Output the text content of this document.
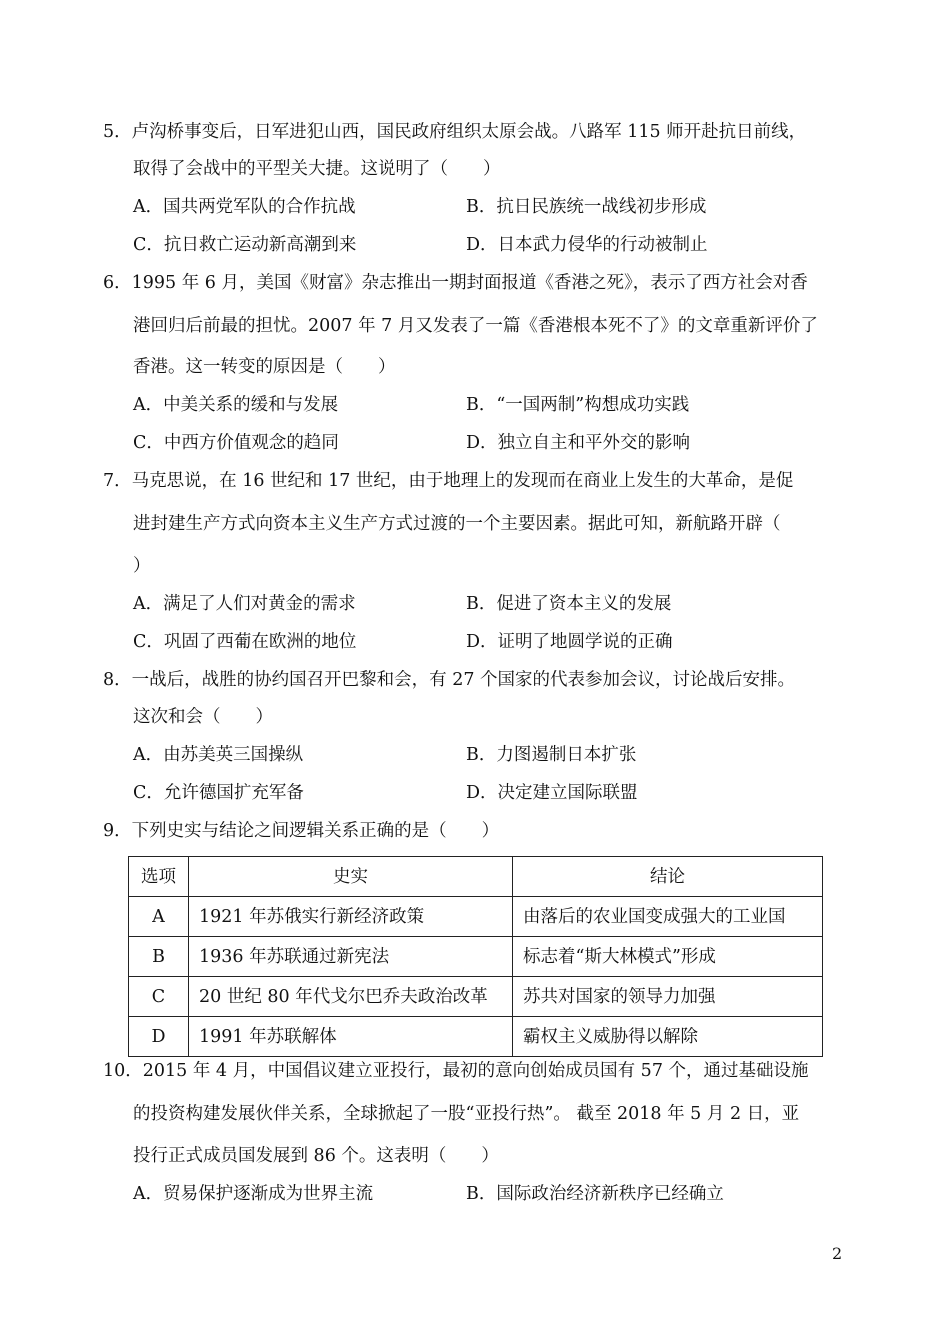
5．卢沟桥事变后，日军进犯山西，国民政府组织太原会战。八路军 115 师开赴抗日前线，
取得了会战中的平型关大捷。这说明了（　　）
A．国共两党军队的合作抗战	B．抗日民族统一战线初步形成
C．抗日救亡运动新高潮到来	D．日本武力侵华的行动被制止
6．1995 年 6 月，美国《财富》杂志推出一期封面报道《香港之死》，表示了西方社会对香
港回归后前最的担忧。2007 年 7 月又发表了一篇《香港根本死不了》的文章重新评价了
香港。这一转变的原因是（　　）
A．中美关系的缓和与发展	B．“一国两制”构想成功实践
C．中西方价值观念的趋同	D．独立自主和平外交的影响
7．马克思说，在 16 世纪和 17 世纪，由于地理上的发现而在商业上发生的大革命，是促
进封建生产方式向资本主义生产方式过渡的一个主要因素。据此可知，新航路开辟（
）
A．满足了人们对黄金的需求	B．促进了资本主义的发展
C．巩固了西葡在欧洲的地位	D．证明了地圆学说的正确
8．一战后，战胜的协约国召开巴黎和会，有 27 个国家的代表参加会议，讨论战后安排。
这次和会（　　）
A．由苏美英三国操纵	B．力图遏制日本扩张
C．允许德国扩充军备	D．决定建立国际联盟
9．下列史实与结论之间逻辑关系正确的是（　　）
选项	史实	结论
A	1921 年苏俄实行新经济政策	由落后的农业国变成强大的工业国
B	1936 年苏联通过新宪法	标志着“斯大林模式”形成
C	20 世纪 80 年代戈尔巴乔夫政治改革	苏共对国家的领导力加强
D	1991 年苏联解体	霸权主义威胁得以解除
10．2015 年 4 月，中国倡议建立亚投行，最初的意向创始成员国有 57 个，通过基础设施
的投资构建发展伙伴关系，全球掀起了一股“亚投行热”。 截至 2018 年 5 月 2 日，亚
投行正式成员国发展到 86 个。这表明（　　）
A．贸易保护逐渐成为世界主流	B．国际政治经济新秩序已经确立
2
